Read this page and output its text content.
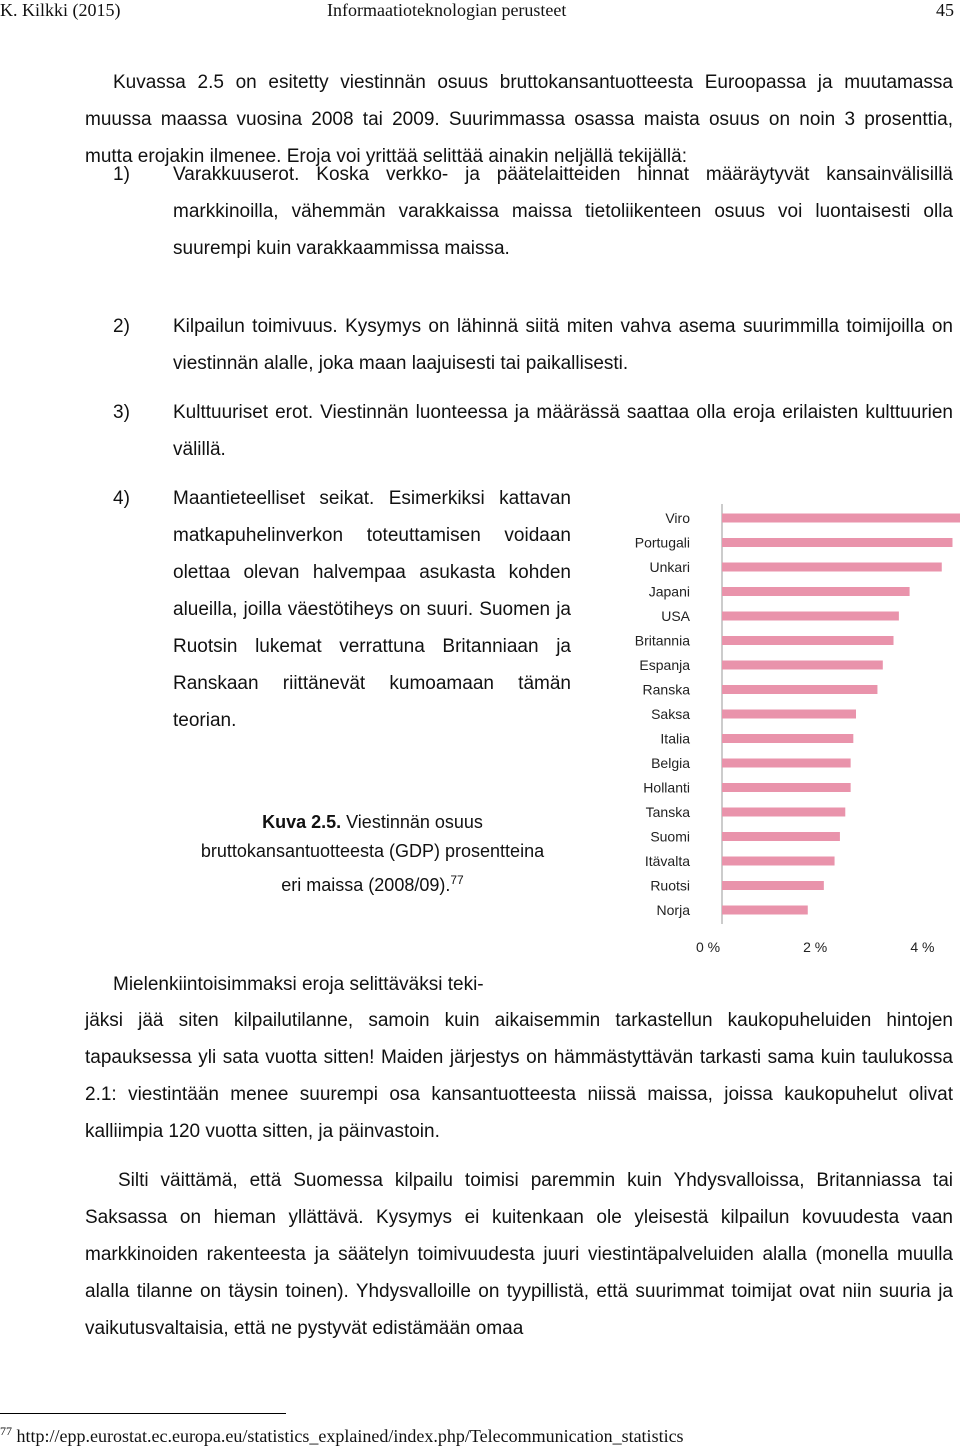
K. Kilkki (2015)	Informaatioteknologian perusteet	45

Kuvassa 2.5 on esitetty viestinnän osuus bruttokansantuotteesta Euroopassa ja muutamassa muussa maassa vuosina 2008 tai 2009. Suurimmassa osassa maista osuus on noin 3 prosenttia, mutta erojakin ilmenee. Eroja voi yrittää selittää ainakin neljällä tekijällä:

1) Varakkuuserot. Koska verkko- ja päätelaitteiden hinnat määräytyvät kansainvälisillä markkinoilla, vähemmän varakkaissa maissa tietoliikenteen osuus voi luontaisesti olla suurempi kuin varakkaammissa maissa.
2) Kilpailun toimivuus. Kysymys on lähinnä siitä miten vahva asema suurimmilla toimijoilla on viestinnän alalle, joka maan laajuisesti tai paikallisesti.
3) Kulttuuriset erot. Viestinnän luonteessa ja määrässä saattaa olla eroja erilaisten kulttuurien välillä.
4) Maantieteelliset seikat. Esimerkiksi kattavan matkapuhelinverkon toteuttamisen voidaan olettaa olevan halvempaa asukasta kohden alueilla, joilla väestötiheys on suuri. Suomen ja Ruotsin lukemat verrattuna Britanniaan ja Ranskaan riittänevät kumoamaan tämän teorian.
Kuva 2.5. Viestinnän osuus bruttokansantuotteesta (GDP) prosentteina eri maissa (2008/09).$^{77}$
Viro
Portugali
Unkari
Japani
USA
Britannia
Espanja
Ranska
Saksa
Italia
Belgia
Hollanti
Tanska
Suomi
Itävalta
Ruotsi
Norja
0 %	2 %	4 %
Mielenkiintoisimmaksi eroja selittäväksi teki-

jäksi jää siten kilpailutilanne, samoin kuin aikaisemmin tarkastellun kaukopuheluiden hintojen tapauksessa yli sata vuotta sitten! Maiden järjestys on hämmästyttävän tarkasti sama kuin taulukossa 2.1: viestintään menee suurempi osa kansantuotteesta niissä maissa, joissa kaukopuhelut olivat kalliimpia 120 vuotta sitten, ja päinvastoin.

Silti väittämä, että Suomessa kilpailu toimisi paremmin kuin Yhdysvalloissa, Britanniassa tai Saksassa on hieman yllättävä. Kysymys ei kuitenkaan ole yleisestä kilpailun kovuudesta vaan markkinoiden rakenteesta ja säätelyn toimivuudesta juuri viestintäpalveluiden alalla (monella muulla alalla tilanne on täysin toinen). Yhdysvalloille on tyypillistä, että suurimmat toimijat ovat niin suuria ja vaikutusvaltaisia, että ne pystyvät edistämään omaa

$^{77}$ http://epp.eurostat.ec.europa.eu/statistics_explained/index.php/Telecommunication_statistics
